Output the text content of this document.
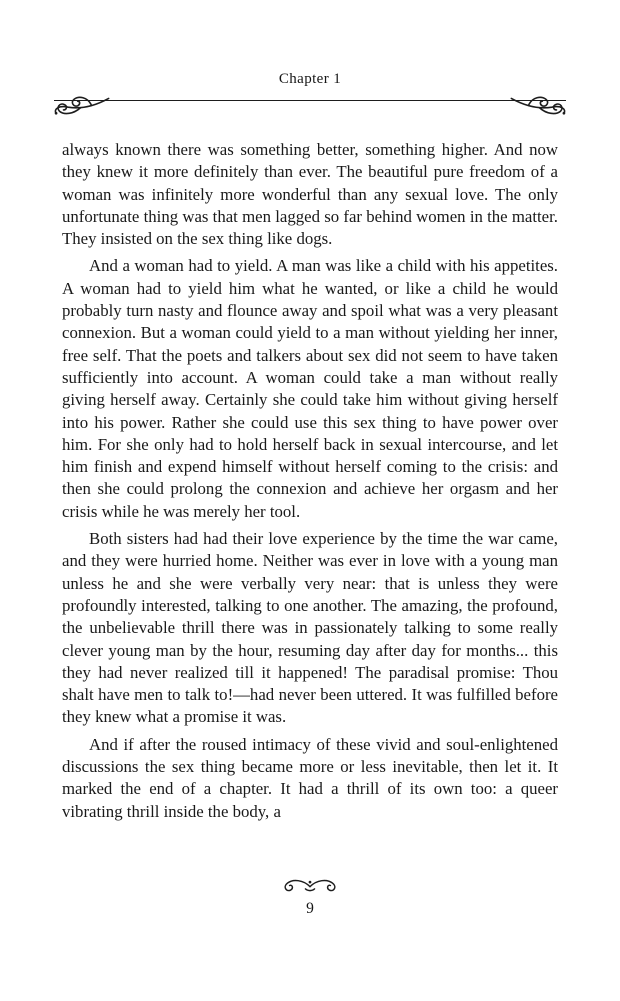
Chapter 1

always known there was something better, something higher. And now they knew it more definitely than ever. The beautiful pure freedom of a woman was infinitely more wonderful than any sexual love. The only unfortunate thing was that men lagged so far behind women in the matter. They insisted on the sex thing like dogs.

And a woman had to yield. A man was like a child with his appetites. A woman had to yield him what he wanted, or like a child he would probably turn nasty and flounce away and spoil what was a very pleasant connexion. But a woman could yield to a man without yielding her inner, free self. That the poets and talkers about sex did not seem to have taken sufficiently into account. A woman could take a man without really giving herself away. Certainly she could take him without giving herself into his power. Rather she could use this sex thing to have power over him. For she only had to hold herself back in sexual intercourse, and let him finish and expend himself without herself coming to the crisis: and then she could prolong the connexion and achieve her orgasm and her crisis while he was merely her tool.

Both sisters had had their love experience by the time the war came, and they were hurried home. Neither was ever in love with a young man unless he and she were verbally very near: that is unless they were profoundly interested, talking to one another. The amazing, the profound, the unbelievable thrill there was in passionately talking to some really clever young man by the hour, resuming day after day for months... this they had never realized till it happened! The paradisal promise: Thou shalt have men to talk to!—had never been uttered. It was fulfilled before they knew what a promise it was.

And if after the roused intimacy of these vivid and soul-enlightened discussions the sex thing became more or less inevitable, then let it. It marked the end of a chapter. It had a thrill of its own too: a queer vibrating thrill inside the body, a

9
